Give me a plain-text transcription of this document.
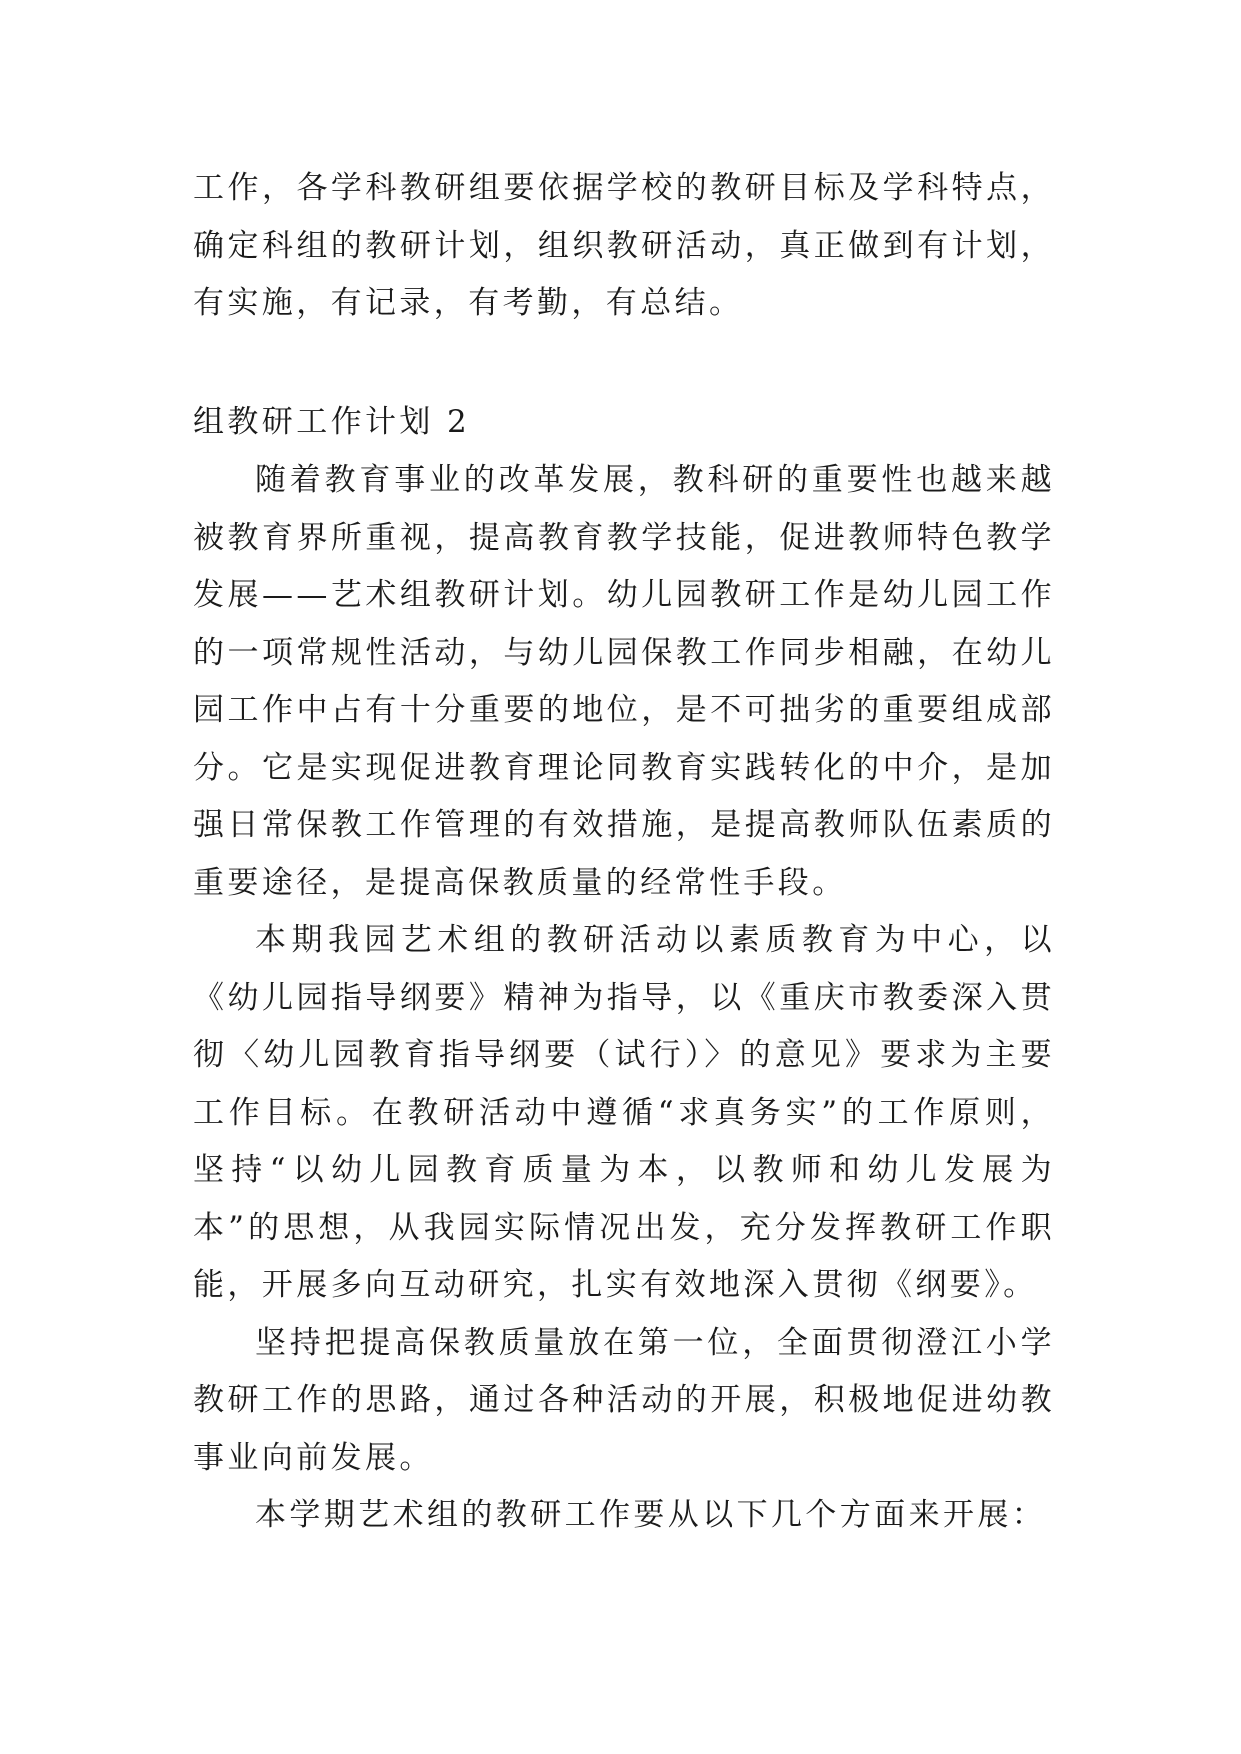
工作，各学科教研组要依据学校的教研目标及学科特点，确定科组的教研计划，组织教研活动，真正做到有计划，有实施，有记录，有考勤，有总结。
组教研工作计划 2

随着教育事业的改革发展，教科研的重要性也越来越被教育界所重视，提高教育教学技能，促进教师特色教学发展——艺术组教研计划。幼儿园教研工作是幼儿园工作的一项常规性活动，与幼儿园保教工作同步相融，在幼儿园工作中占有十分重要的地位，是不可拙劣的重要组成部分。它是实现促进教育理论同教育实践转化的中介，是加强日常保教工作管理的有效措施，是提高教师队伍素质的重要途径，是提高保教质量的经常性手段。

本期我园艺术组的教研活动以素质教育为中心，以《幼儿园指导纲要》精神为指导，以《重庆市教委深入贯彻〈幼儿园教育指导纲要（试行）〉的意见》要求为主要工作目标。在教研活动中遵循“求真务实”的工作原则，坚持“以幼儿园教育质量为本，以教师和幼儿发展为本”的思想，从我园实际情况出发，充分发挥教研工作职能，开展多向互动研究，扎实有效地深入贯彻《纲要》。

坚持把提高保教质量放在第一位，全面贯彻澄江小学教研工作的思路，通过各种活动的开展，积极地促进幼教事业向前发展。

本学期艺术组的教研工作要从以下几个方面来开展：
